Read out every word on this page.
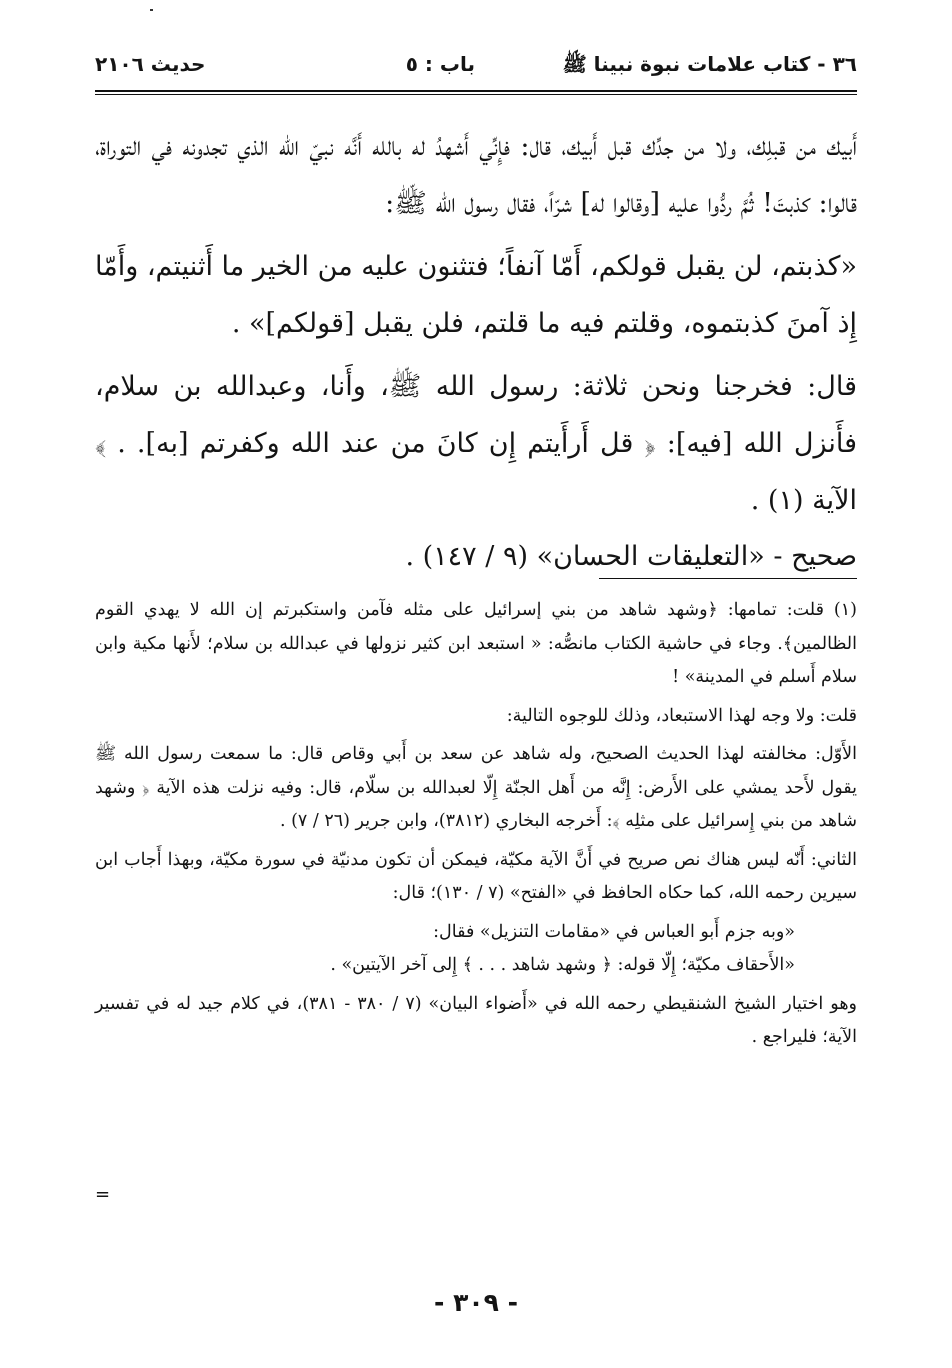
٣٦ - كتاب علامات نبوة نبينا ﷺ
باب : ٥
حديث ٢١٠٦

أَبيك من قبلِك، ولا من جدِّك قبل أَبيك، قال: فإِنِّي أَشهدُ له بالله أَنَّه نبيّ الله الذي تجدونه في التوراة، قالوا: كذبتَ! ثُمَّ ردُّوا عليه [وقالوا له] شرّاً، فقال رسول الله ﷺ:

«كذبتم، لن يقبل قولكم، أَمّا آنفاً؛ فتثنون عليه من الخير ما أَثنيتم، وأَمّا إِذ آمنَ كذبتموه، وقلتم فيه ما قلتم، فلن يقبل [قولكم]» .

قال: فخرجنا ونحن ثلاثة: رسول الله ﷺ، وأَنا، وعبدالله بن سلام، فأَنزل الله [فيه]: ﴿ قل أَرأَيتم إِن كانَ من عند الله وكفرتم [به]. . ﴾ الآية (١) .

صحيح - «التعليقات الحسان» (٩ / ١٤٧) .

(١) قلت: تمامها: ﴿وشهد شاهد من بني إسرائيل على مثله فآمن واستكبرتم إن الله لا يهدي القوم الظالمين﴾. وجاء في حاشية الكتاب مانصُّه: « استبعد ابن كثير نزولها في عبدالله بن سلام؛ لأَنها مكية وابن سلام أَسلم في المدينة» !

قلت: ولا وجه لهذا الاستبعاد، وذلك للوجوه التالية:

الأَوّل: مخالفته لهذا الحديث الصحيح، وله شاهد عن سعد بن أَبي وقاص قال: ما سمعت رسول الله ﷺ يقول لأَحد يمشي على الأَرض: إِنَّه من أَهل الجنّة إِلّا لعبدالله بن سلّام، قال: وفيه نزلت هذه الآية ﴿ وشهد شاهد من بني إِسرائيل على مثلِه ﴾: أَخرجه البخاري (٣٨١٢)، وابن جرير (٢٦ / ٧) .

الثاني: أَنّه ليس هناك نص صريح في أَنَّ الآية مكيّة، فيمكن أن تكون مدنيّة في سورة مكيّة، وبهذا أَجاب ابن سيرين رحمه الله، كما حكاه الحافظ في «الفتح» (٧ / ١٣٠)؛ قال:

«وبه جزم أَبو العباس في «مقامات التنزيل» فقال:

«الأَحقاف مكيّة؛ إِلّا قوله: ﴿ وشهد شاهد . . . ﴾ إِلى آخر الآيتين» .

وهو اختيار الشيخ الشنقيطي رحمه الله في «أَضواء البيان» (٧ / ٣٨٠ - ٣٨١)، في كلام جيد له في تفسير الآية؛ فليراجع .

=
- ٣٠٩ -
